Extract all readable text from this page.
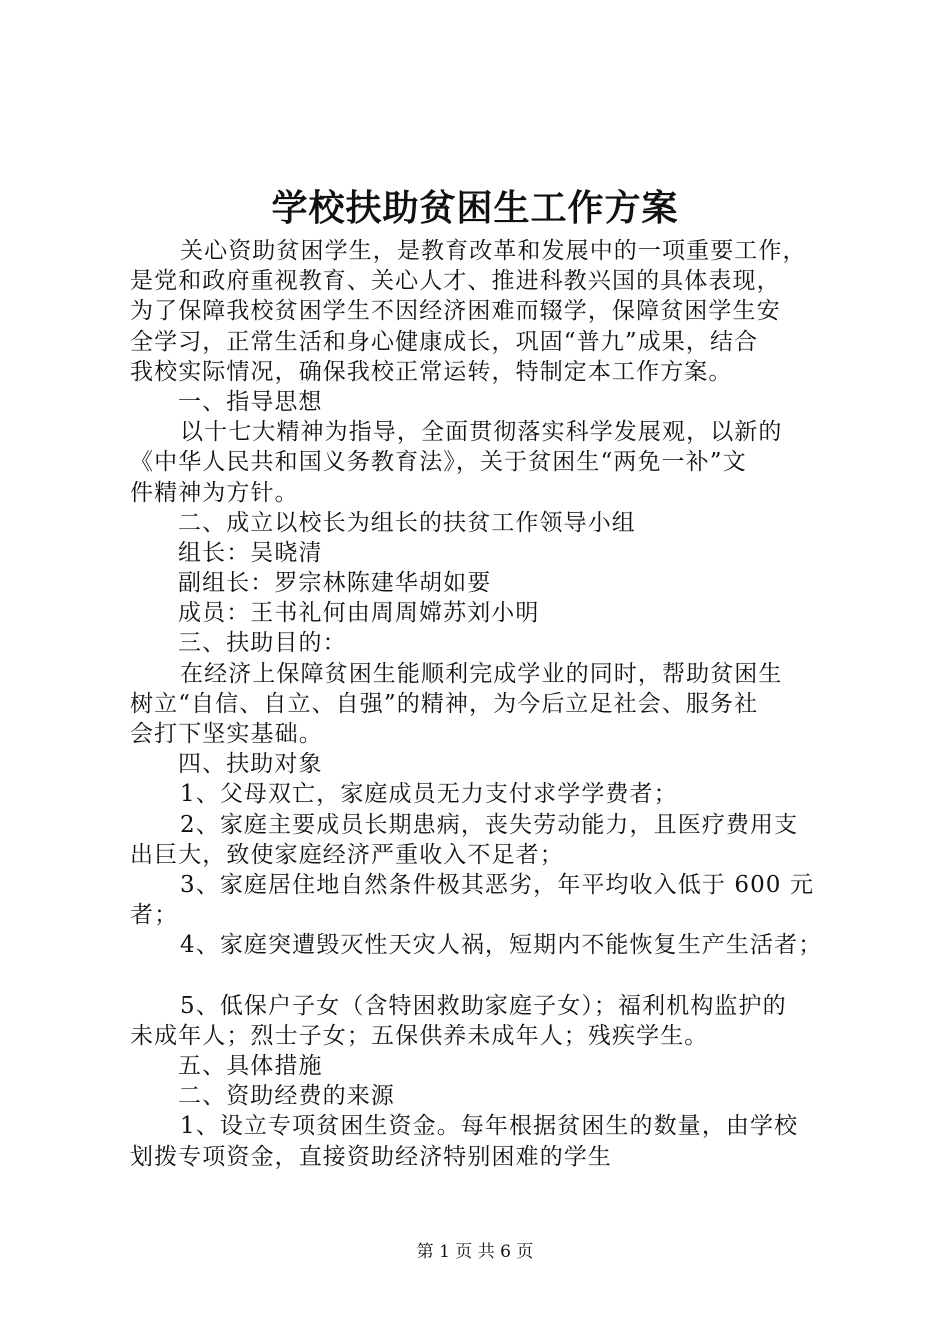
学校扶助贫困生工作方案
关心资助贫困学生，是教育改革和发展中的一项重要工作，
是党和政府重视教育、关心人才、推进科教兴国的具体表现，
为了保障我校贫困学生不因经济困难而辍学，保障贫困学生安
全学习，正常生活和身心健康成长，巩固“普九”成果，结合
我校实际情况，确保我校正常运转，特制定本工作方案。
一、指导思想
以十七大精神为指导，全面贯彻落实科学发展观，以新的
《中华人民共和国义务教育法》，关于贫困生“两免一补”文
件精神为方针。
二、成立以校长为组长的扶贫工作领导小组
组长：吴晓清
副组长：罗宗林陈建华胡如要
成员：王书礼何由周周嫦苏刘小明
三、扶助目的：
在经济上保障贫困生能顺利完成学业的同时，帮助贫困生
树立“自信、自立、自强”的精神，为今后立足社会、服务社
会打下坚实基础。
四、扶助对象
1、父母双亡，家庭成员无力支付求学学费者；
2、家庭主要成员长期患病，丧失劳动能力，且医疗费用支
出巨大，致使家庭经济严重收入不足者；
3、家庭居住地自然条件极其恶劣，年平均收入低于 600 元
者；
4、家庭突遭毁灭性天灾人祸，短期内不能恢复生产生活者；
5、低保户子女（含特困救助家庭子女）；福利机构监护的
未成年人；烈士子女；五保供养未成年人；残疾学生。
五、具体措施
二、资助经费的来源
1、设立专项贫困生资金。每年根据贫困生的数量，由学校
划拨专项资金，直接资助经济特别困难的学生
第 1 页 共 6 页
